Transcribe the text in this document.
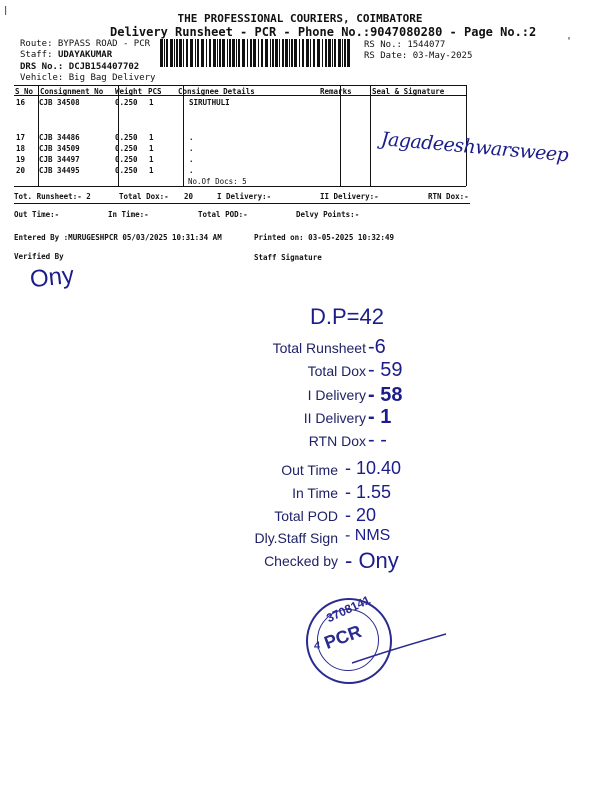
|
'
THE PROFESSIONAL COURIERS, COIMBATORE
Delivery Runsheet - PCR - Phone No.:9047080280 - Page No.:2
Route: BYPASS ROAD - PCR
Staff: UDAYAKUMAR
DRS No.: DCJB154407702
Vehicle: Big Bag Delivery
RS No.: 1544077
RS Date: 03-May-2025
S_No Consignment No Weight PCS Consignee Details	Remarks	Seal & Signature
16 CJB 34508	0.250 1	SIRUTHULI
17 CJB 34486	0.250 1	.
18 CJB 34509	0.250 1	.
19 CJB 34497	0.250 1	.
20 CJB 34495	0.250 1	.
No.Of Docs: 5
Jagadeeshwarsweep
Tot. Runsheet:- 2	Total Dox:- 20	I Delivery:-	II Delivery:-	RTN Dox:-
Out Time:-	In Time:-	Total POD:-	Delvy Points:-
Entered By :MURUGESHPCR 05/03/2025 10:31:34 AM	Printed on: 03-05-2025 10:32:49
Verified By	Staff Signature
Ony
D.P=42
Total Runsheet -6
Total Dox - 59
I Delivery - 58
II Delivery - 1
RTN Dox - -
Out Time - 10.40
In Time - 1.55
Total POD - 20
Dly.Staff Sign - NMS
Checked by - Ony
PCR
3708141
4
